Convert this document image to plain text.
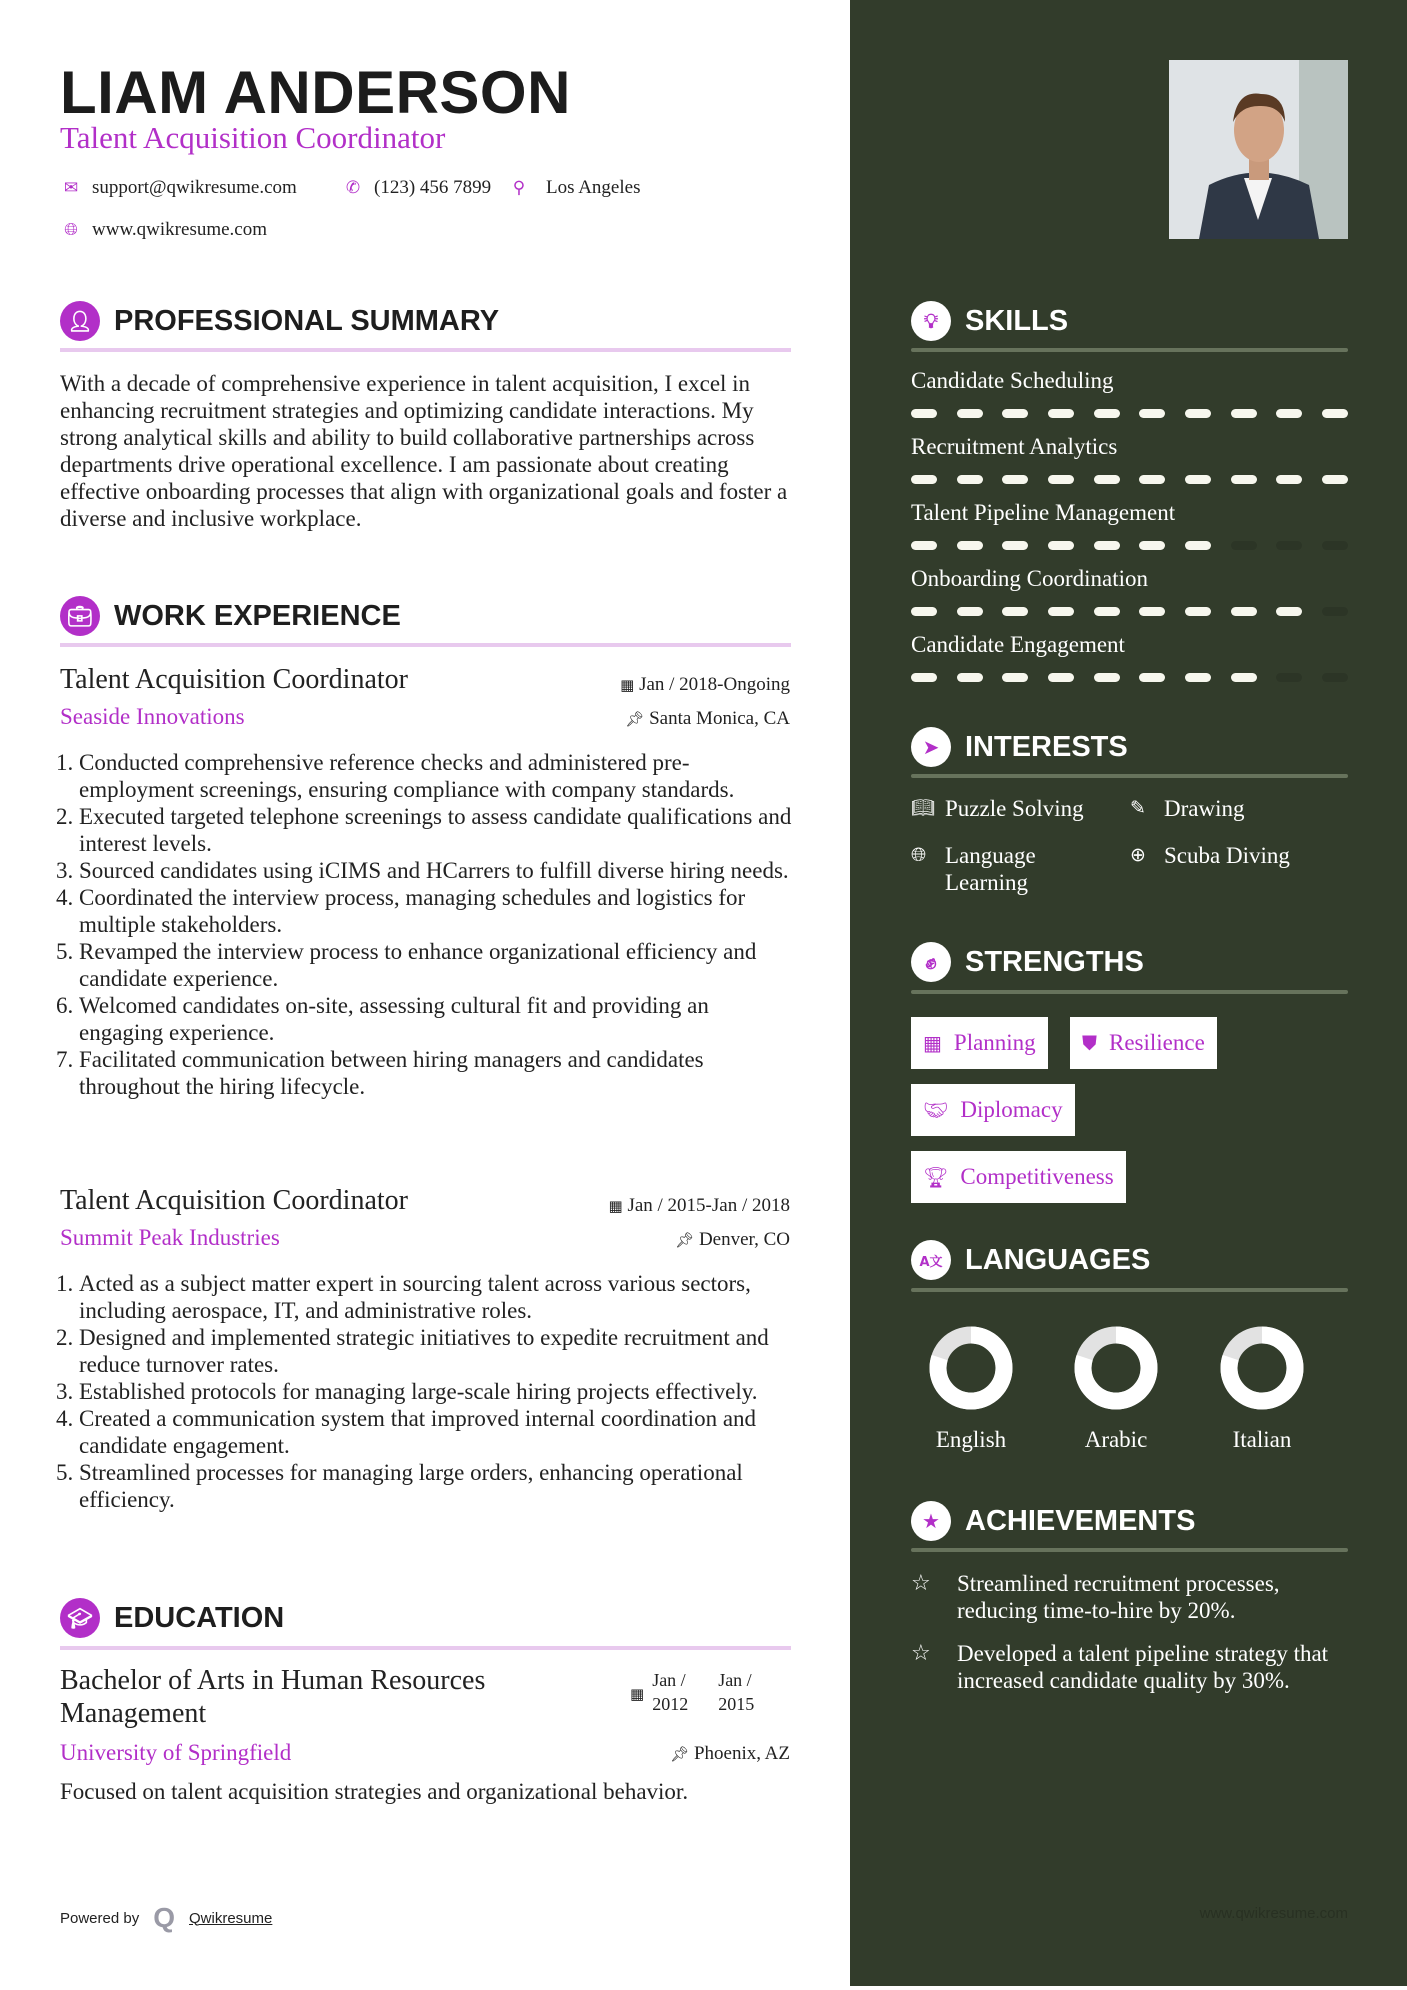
LIAM ANDERSON
Talent Acquisition Coordinator
✉ support@qwikresume.com	✆ (123) 456 7899 ⚲ Los Angeles
🌐︎ www.qwikresume.com
👤︎ PROFESSIONAL SUMMARY
With a decade of comprehensive experience in talent acquisition, I excel in enhancing recruitment strategies and optimizing candidate interactions. My strong analytical skills and ability to build collaborative partnerships across departments drive operational excellence. I am passionate about creating effective onboarding processes that align with organizational goals and foster a diverse and inclusive workplace.
💼︎ WORK EXPERIENCE
Talent Acquisition Coordinator	▦ Jan / 2018-Ongoing
Seaside Innovations	📌︎ Santa Monica, CA
1. Conducted comprehensive reference checks and administered pre-employment screenings, ensuring compliance with company standards.
2. Executed targeted telephone screenings to assess candidate qualifications and interest levels.
3. Sourced candidates using iCIMS and HCarrers to fulfill diverse hiring needs.
4. Coordinated the interview process, managing schedules and logistics for multiple stakeholders.
5. Revamped the interview process to enhance organizational efficiency and candidate experience.
6. Welcomed candidates on-site, assessing cultural fit and providing an engaging experience.
7. Facilitated communication between hiring managers and candidates throughout the hiring lifecycle.
Talent Acquisition Coordinator	▦ Jan / 2015-Jan / 2018
Summit Peak Industries	📌︎ Denver, CO
1. Acted as a subject matter expert in sourcing talent across various sectors, including aerospace, IT, and administrative roles.
2. Designed and implemented strategic initiatives to expedite recruitment and reduce turnover rates.
3. Established protocols for managing large-scale hiring projects effectively.
4. Created a communication system that improved internal coordination and candidate engagement.
5. Streamlined processes for managing large orders, enhancing operational efficiency.
🎓︎ EDUCATION
Bachelor of Arts in Human Resources Management
▦
Jan / 2012
Jan / 2015
University of Springfield	📌︎ Phoenix, AZ
Focused on talent acquisition strategies and organizational behavior.
Powered by Q Qwikresume
💡︎ SKILLS
Candidate Scheduling
Recruitment Analytics
Talent Pipeline Management
Onboarding Coordination
Candidate Engagement
➤ INTERESTS
📖︎ Puzzle Solving ✎ Drawing
🌐︎ Language Learning
⊕ Scuba Diving
✊︎ STRENGTHS
▦ Planning ⛊ Resilience
🤝︎ Diplomacy
🏆︎ Competitiveness
A文 LANGUAGES
English	Arabic	Italian
★ ACHIEVEMENTS
☆	Streamlined recruitment processes, reducing time-to-hire by 20%.
☆	Developed a talent pipeline strategy that increased candidate quality by 30%.
www.qwikresume.com
